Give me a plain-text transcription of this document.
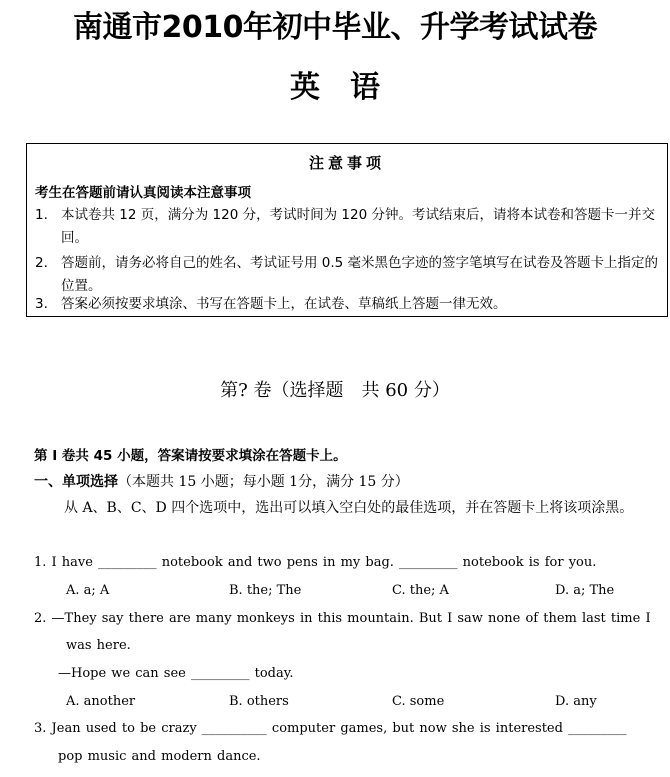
南通市2010年初中毕业、升学考试试卷
英　语
注意事项
考生在答题前请认真阅读本注意事项
1. 本试卷共 12 页，满分为 120 分，考试时间为 120 分钟。考试结束后，请将本试卷和答题卡一并交回。
2. 答题前，请务必将自己的姓名、考试证号用 0.5 毫米黑色字迹的签字笔填写在试卷及答题卡上指定的位置。
3. 答案必须按要求填涂、书写在答题卡上，在试卷、草稿纸上答题一律无效。
第? 卷（选择题　共 60 分）
第 I 卷共 45 小题，答案请按要求填涂在答题卡上。
一、单项选择（本题共 15 小题；每小题 1分，满分 15 分）
从 A、B、C、D 四个选项中，选出可以填入空白处的最佳选项，并在答题卡上将该项涂黑。
1. I have _________ notebook and two pens in my bag. _________ notebook is for you.
A. a; A	B. the; The	C. the; A	D. a; The
2. —They say there are many monkeys in this mountain. But I saw none of them last time I
was here.
—Hope we can see _________ today.
A. another	B. others	C. some	D. any
3. Jean used to be crazy __________ computer games, but now she is interested _________
pop music and modern dance.
